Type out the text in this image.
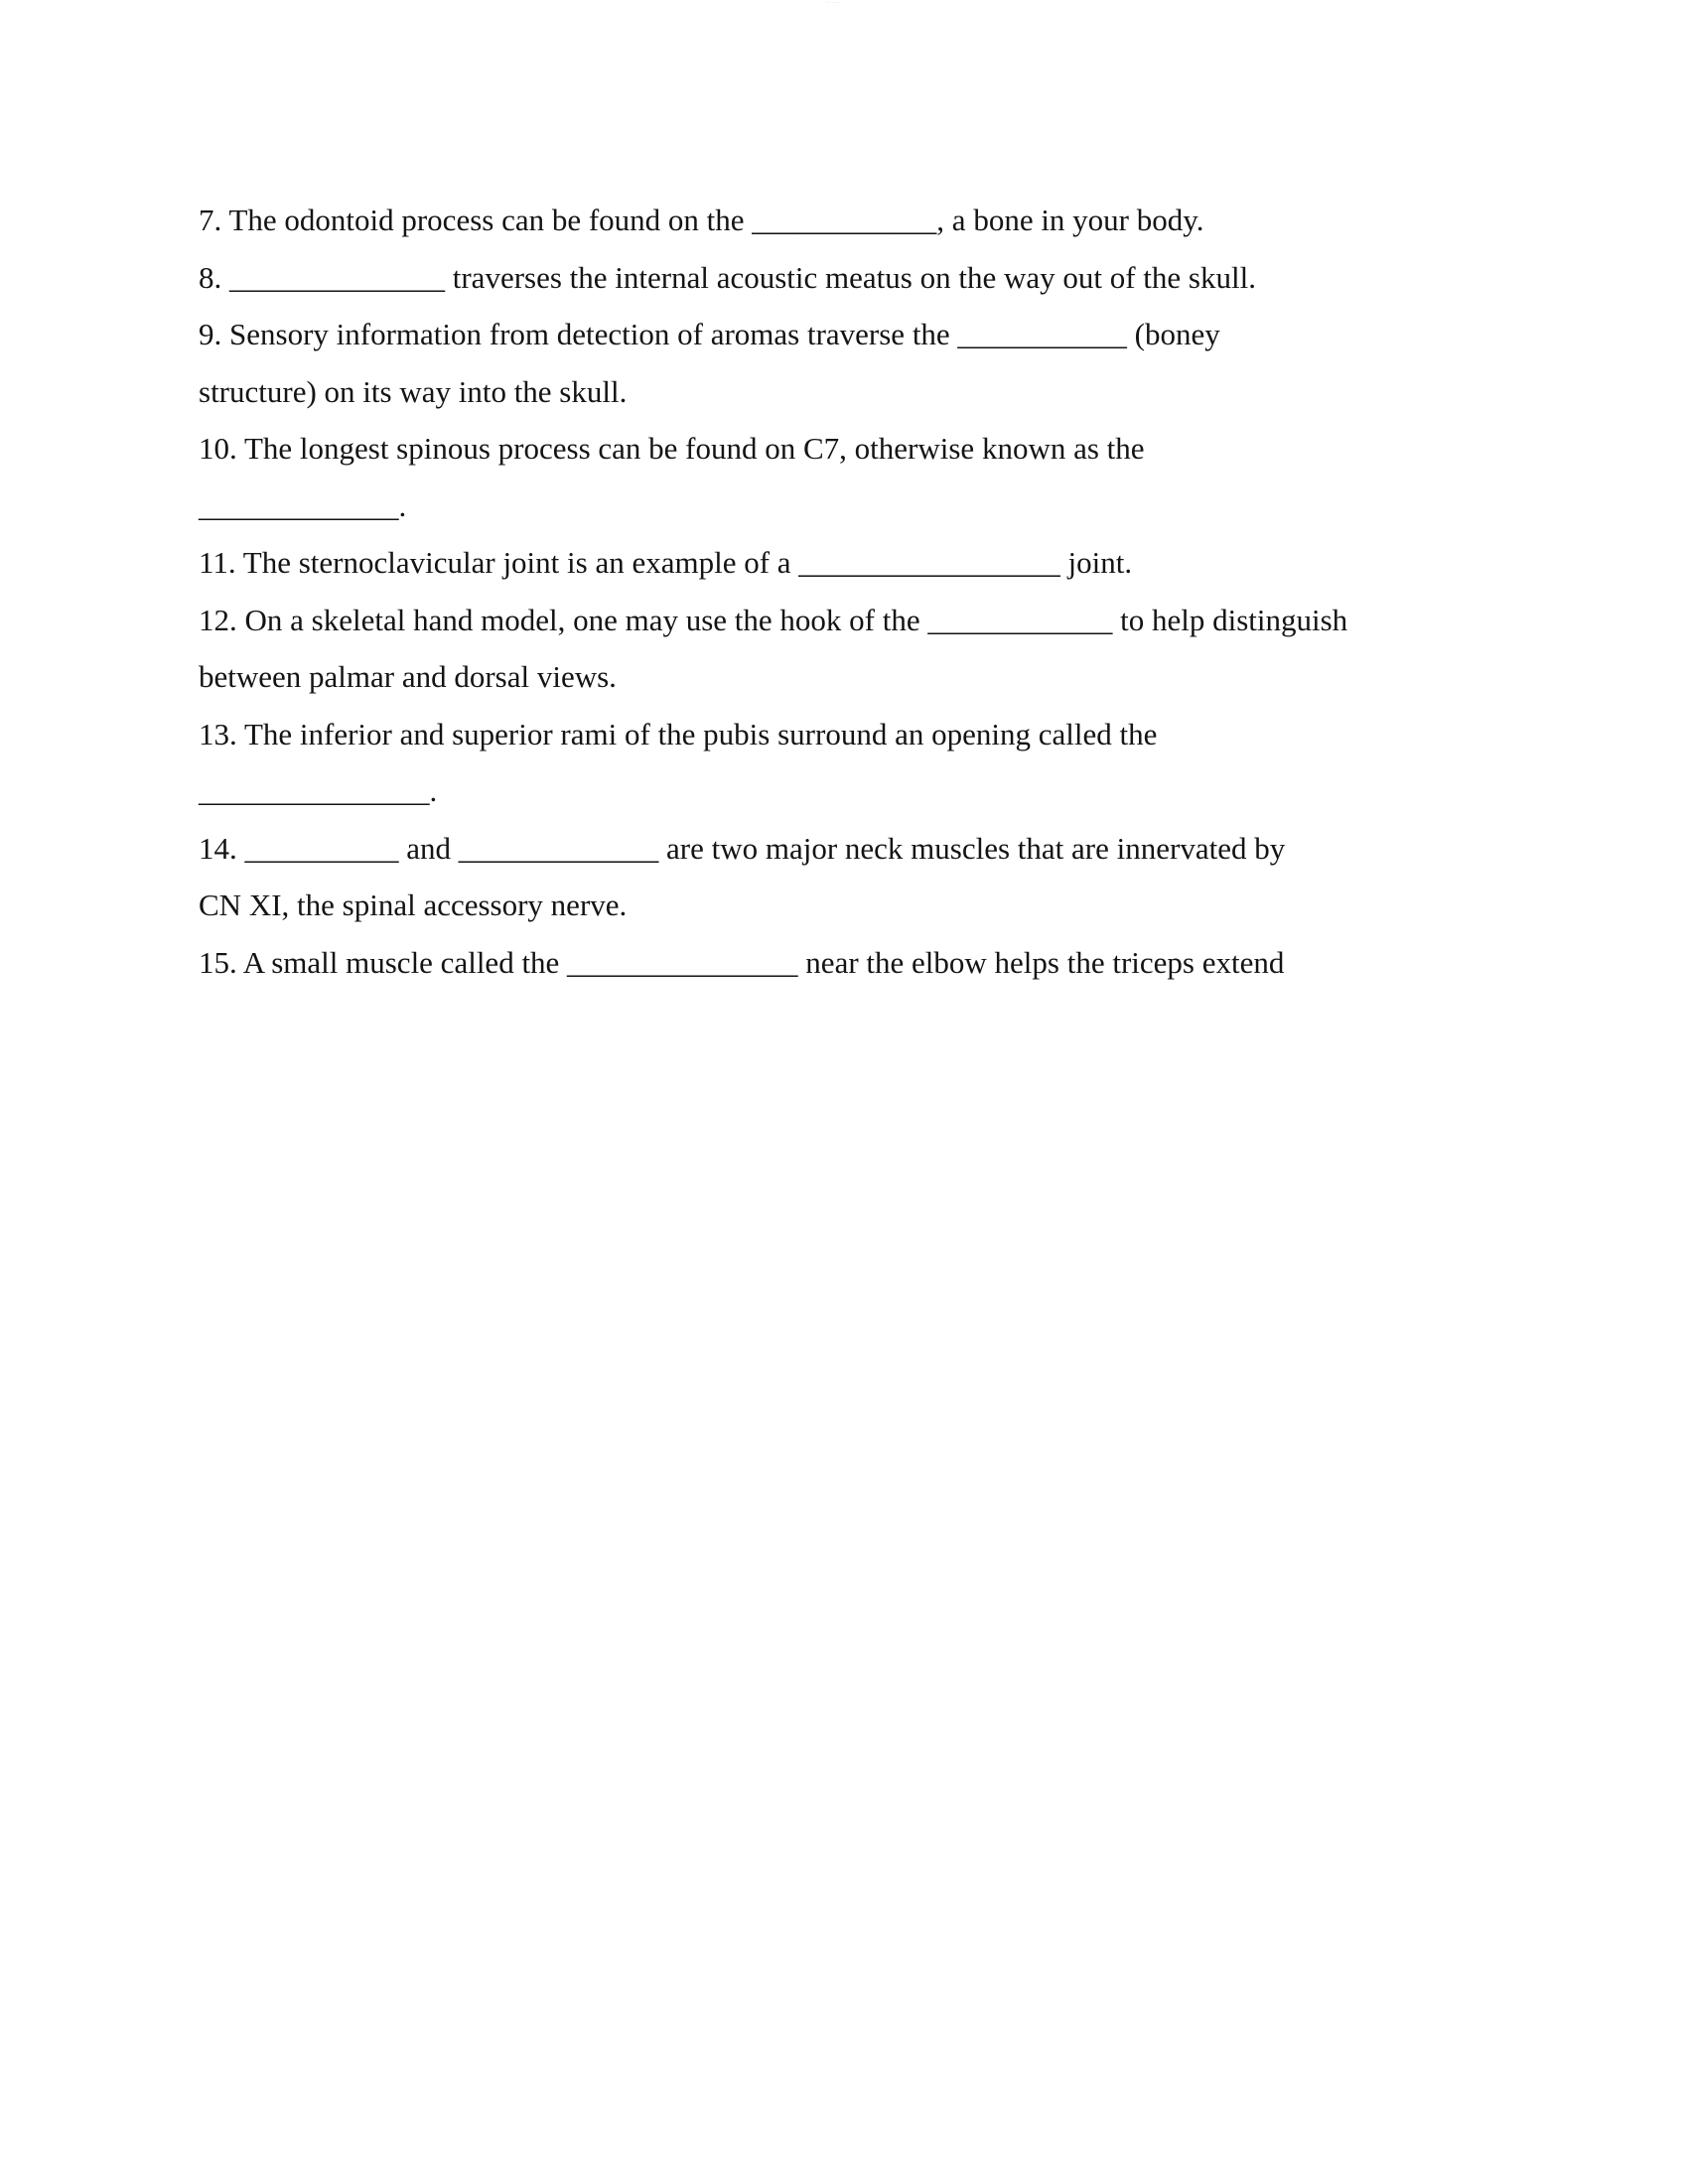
····· ··········
7. The odontoid process can be found on the ____________, a bone in your body.
8. ______________ traverses the internal acoustic meatus on the way out of the skull.
9. Sensory information from detection of aromas traverse the ___________ (boney
structure) on its way into the skull.
10. The longest spinous process can be found on C7, otherwise known as the
_____________.
11. The sternoclavicular joint is an example of a _________________ joint.
12. On a skeletal hand model, one may use the hook of the ____________ to help distinguish
between palmar and dorsal views.
13. The inferior and superior rami of the pubis surround an opening called the
_______________.
14. __________ and _____________ are two major neck muscles that are innervated by
CN XI, the spinal accessory nerve.
15. A small muscle called the _______________ near the elbow helps the triceps extend
